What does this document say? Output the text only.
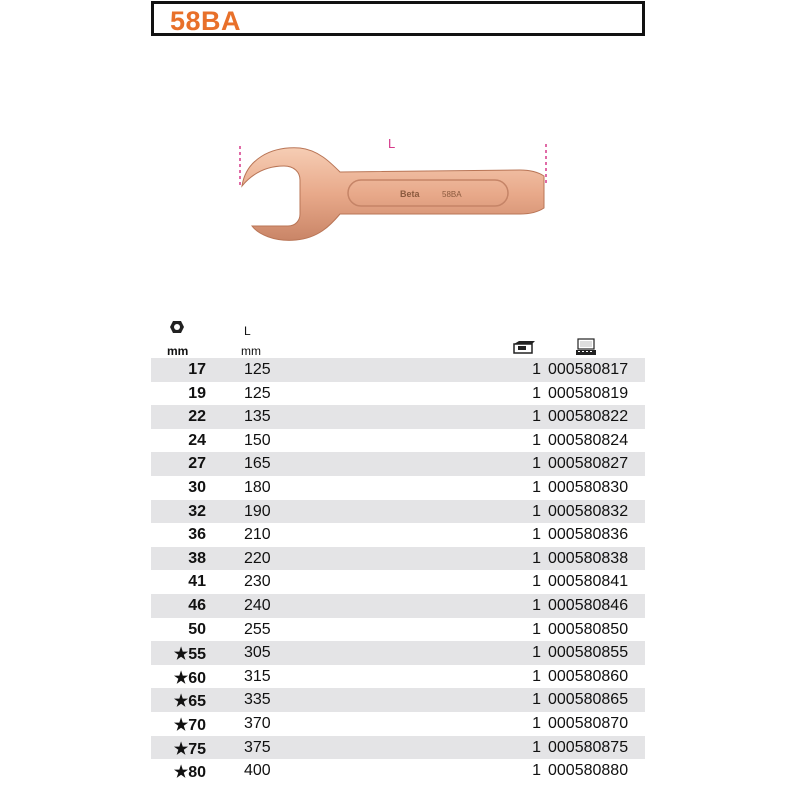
58BA
L
Beta	58BA
mm
L
mm
17 125	1 000580817
19 125	1 000580819
22 135	1 000580822
24 150	1 000580824
27 165	1 000580827
30 180	1 000580830
32 190	1 000580832
36 210	1 000580836
38 220	1 000580838
41 230	1 000580841
46 240	1 000580846
50 255	1 000580850
★55 305	1 000580855
★60 315	1 000580860
★65 335	1 000580865
★70 370	1 000580870
★75 375	1 000580875
★80 400	1 000580880
